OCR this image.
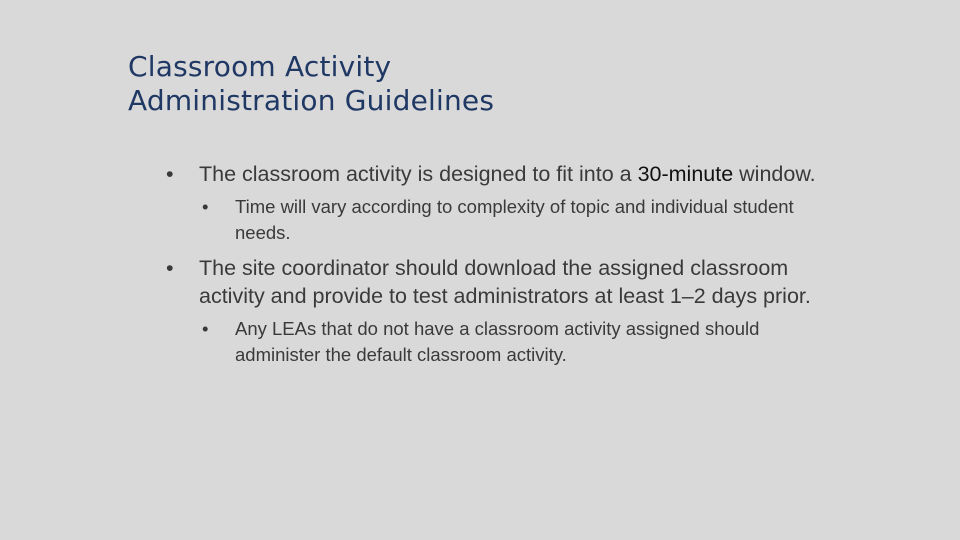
Classroom Activity
Administration Guidelines
• The classroom activity is designed to fit into a 30-minute window.
• Time will vary according to complexity of topic and individual student needs.
• The site coordinator should download the assigned classroom activity and provide to test administrators at least 1–2 days prior.
• Any LEAs that do not have a classroom activity assigned should administer the default classroom activity.
